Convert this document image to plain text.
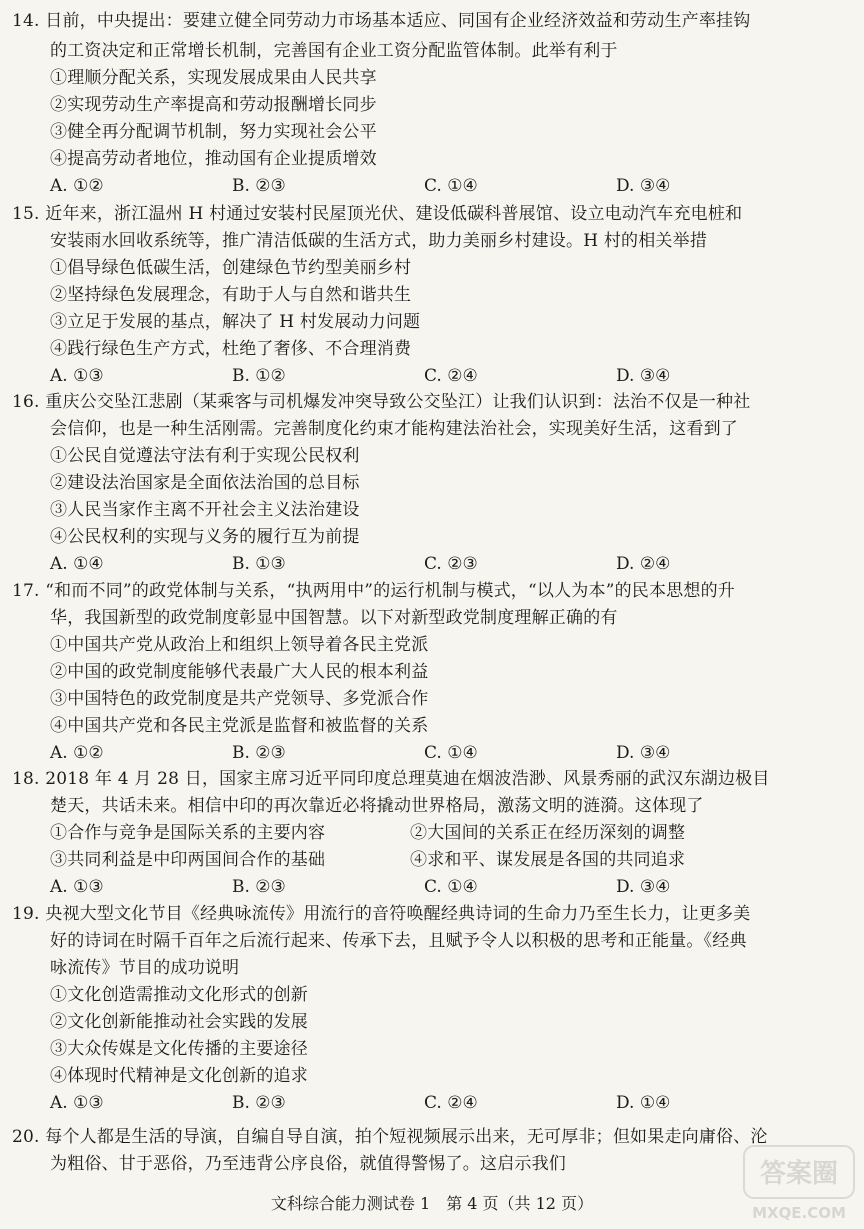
14. 日前，中央提出：要建立健全同劳动力市场基本适应、同国有企业经济效益和劳动生产率挂钩
的工资决定和正常增长机制，完善国有企业工资分配监管体制。此举有利于
①理顺分配关系，实现发展成果由人民共享
②实现劳动生产率提高和劳动报酬增长同步
③健全再分配调节机制，努力实现社会公平
④提高劳动者地位，推动国有企业提质增效
A. ①②	B. ②③	C. ①④	D. ③④
15. 近年来，浙江温州 H 村通过安装村民屋顶光伏、建设低碳科普展馆、设立电动汽车充电桩和
安装雨水回收系统等，推广清洁低碳的生活方式，助力美丽乡村建设。H 村的相关举措
①倡导绿色低碳生活，创建绿色节约型美丽乡村
②坚持绿色发展理念，有助于人与自然和谐共生
③立足于发展的基点，解决了 H 村发展动力问题
④践行绿色生产方式，杜绝了奢侈、不合理消费
A. ①③	B. ①②	C. ②④	D. ③④
16. 重庆公交坠江悲剧（某乘客与司机爆发冲突导致公交坠江）让我们认识到：法治不仅是一种社
会信仰，也是一种生活刚需。完善制度化约束才能构建法治社会，实现美好生活，这看到了
①公民自觉遵法守法有利于实现公民权利
②建设法治国家是全面依法治国的总目标
③人民当家作主离不开社会主义法治建设
④公民权利的实现与义务的履行互为前提
A. ①④	B. ①③	C. ②③	D. ②④
17. “和而不同”的政党体制与关系，“执两用中”的运行机制与模式，“以人为本”的民本思想的升
华，我国新型的政党制度彰显中国智慧。以下对新型政党制度理解正确的有
①中国共产党从政治上和组织上领导着各民主党派
②中国的政党制度能够代表最广大人民的根本利益
③中国特色的政党制度是共产党领导、多党派合作
④中国共产党和各民主党派是监督和被监督的关系
A. ①②	B. ②③	C. ①④	D. ③④
18. 2018 年 4 月 28 日，国家主席习近平同印度总理莫迪在烟波浩渺、风景秀丽的武汉东湖边极目
楚天，共话未来。相信中印的再次靠近必将撬动世界格局，激荡文明的涟漪。这体现了
①合作与竞争是国际关系的主要内容	②大国间的关系正在经历深刻的调整
③共同利益是中印两国间合作的基础	④求和平、谋发展是各国的共同追求
A. ①③	B. ②③	C. ①④	D. ③④
19. 央视大型文化节目《经典咏流传》用流行的音符唤醒经典诗词的生命力乃至生长力，让更多美
好的诗词在时隔千百年之后流行起来、传承下去，且赋予令人以积极的思考和正能量。《经典
咏流传》节目的成功说明
①文化创造需推动文化形式的创新
②文化创新能推动社会实践的发展
③大众传媒是文化传播的主要途径
④体现时代精神是文化创新的追求
A. ①③	B. ②③	C. ②④	D. ①④
20. 每个人都是生活的导演，自编自导自演，拍个短视频展示出来，无可厚非；但如果走向庸俗、沦
为粗俗、甘于恶俗，乃至违背公序良俗，就值得警惕了。这启示我们
文科综合能力测试卷 1　第 4 页（共 12 页）
答案圈
MXQE.COM
